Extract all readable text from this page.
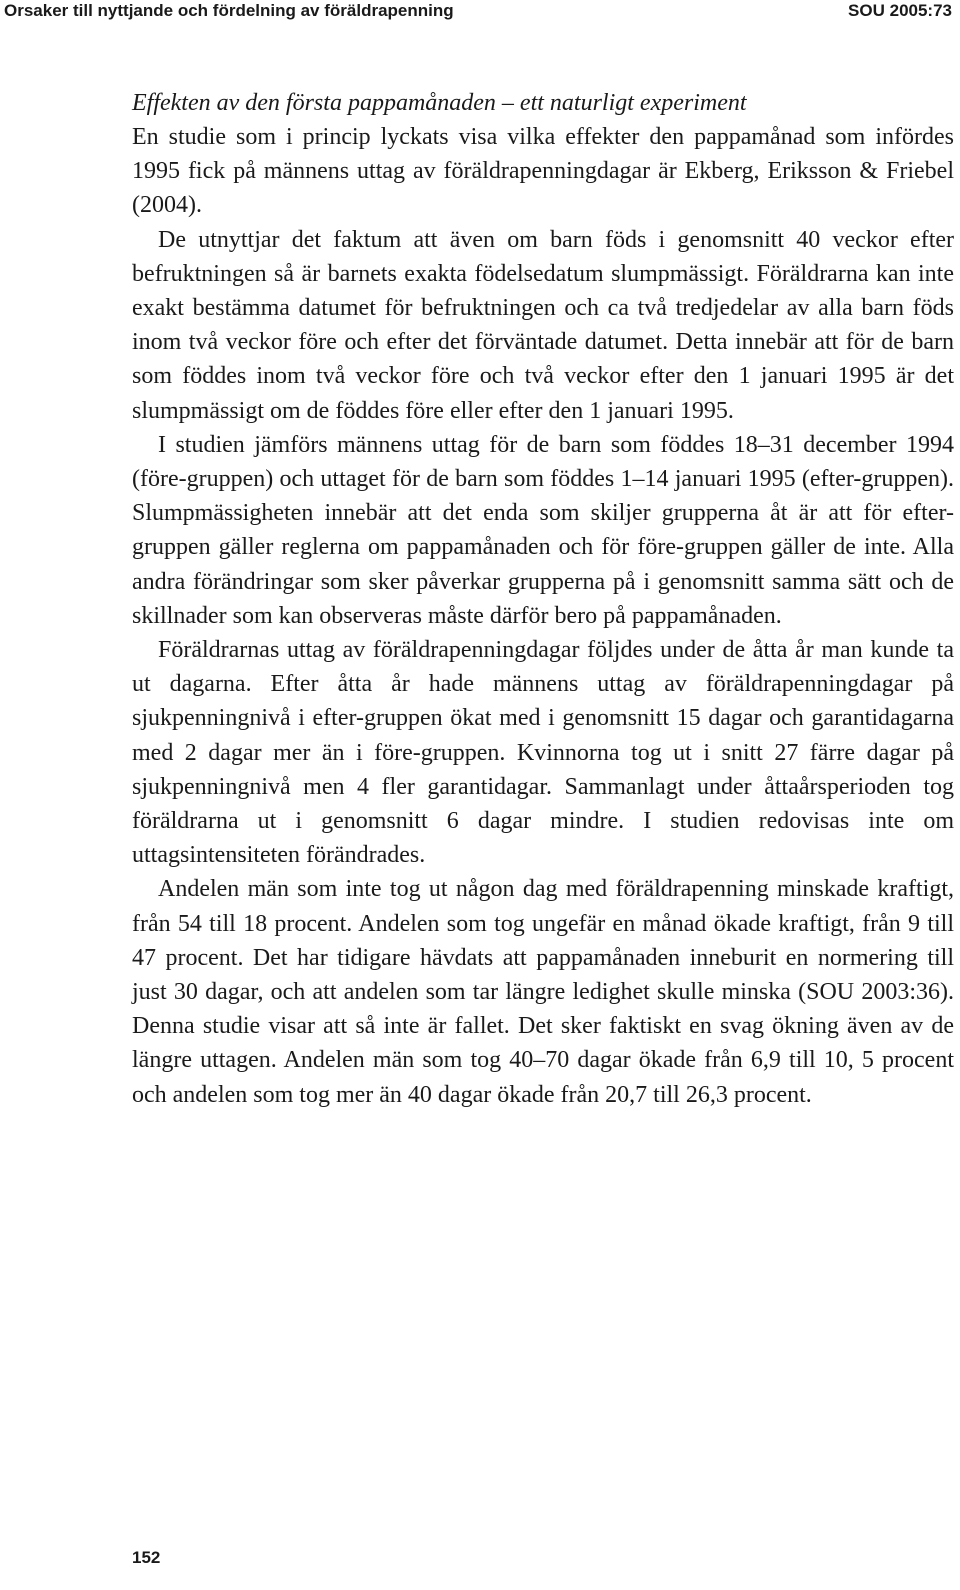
Orsaker till nyttjande och fördelning av föräldrapenning	SOU 2005:73

Effekten av den första pappamånaden – ett naturligt experiment

En studie som i princip lyckats visa vilka effekter den pappamånad som infördes 1995 fick på männens uttag av föräldrapenningdagar är Ekberg, Eriksson & Friebel (2004).

De utnyttjar det faktum att även om barn föds i genomsnitt 40 veckor efter befruktningen så är barnets exakta födelsedatum slumpmässigt. Föräldrarna kan inte exakt bestämma datumet för befruktningen och ca två tredjedelar av alla barn föds inom två veckor före och efter det förväntade datumet. Detta innebär att för de barn som föddes inom två veckor före och två veckor efter den 1 januari 1995 är det slumpmässigt om de föddes före eller efter den 1 januari 1995.

I studien jämförs männens uttag för de barn som föddes 18–31 december 1994 (före-gruppen) och uttaget för de barn som föddes 1–14 januari 1995 (efter-gruppen). Slumpmässigheten innebär att det enda som skiljer grupperna åt är att för efter-gruppen gäller reglerna om pappamånaden och för före-gruppen gäller de inte. Alla andra förändringar som sker påverkar grupperna på i genomsnitt samma sätt och de skillnader som kan observeras måste därför bero på pappamånaden.

Föräldrarnas uttag av föräldrapenningdagar följdes under de åtta år man kunde ta ut dagarna. Efter åtta år hade männens uttag av föräldrapenningdagar på sjukpenningnivå i efter-gruppen ökat med i genomsnitt 15 dagar och garantidagarna med 2 dagar mer än i före-gruppen. Kvinnorna tog ut i snitt 27 färre dagar på sjukpenningnivå men 4 fler garantidagar. Sammanlagt under åttaårsperioden tog föräldrarna ut i genomsnitt 6 dagar mindre. I studien redovisas inte om uttagsintensiteten förändrades.

Andelen män som inte tog ut någon dag med föräldrapenning minskade kraftigt, från 54 till 18 procent. Andelen som tog ungefär en månad ökade kraftigt, från 9 till 47 procent. Det har tidigare hävdats att pappamånaden inneburit en normering till just 30 dagar, och att andelen som tar längre ledighet skulle minska (SOU 2003:36). Denna studie visar att så inte är fallet. Det sker faktiskt en svag ökning även av de längre uttagen. Andelen män som tog 40–70 dagar ökade från 6,9 till 10, 5 procent och andelen som tog mer än 40 dagar ökade från 20,7 till 26,3 procent.

152
